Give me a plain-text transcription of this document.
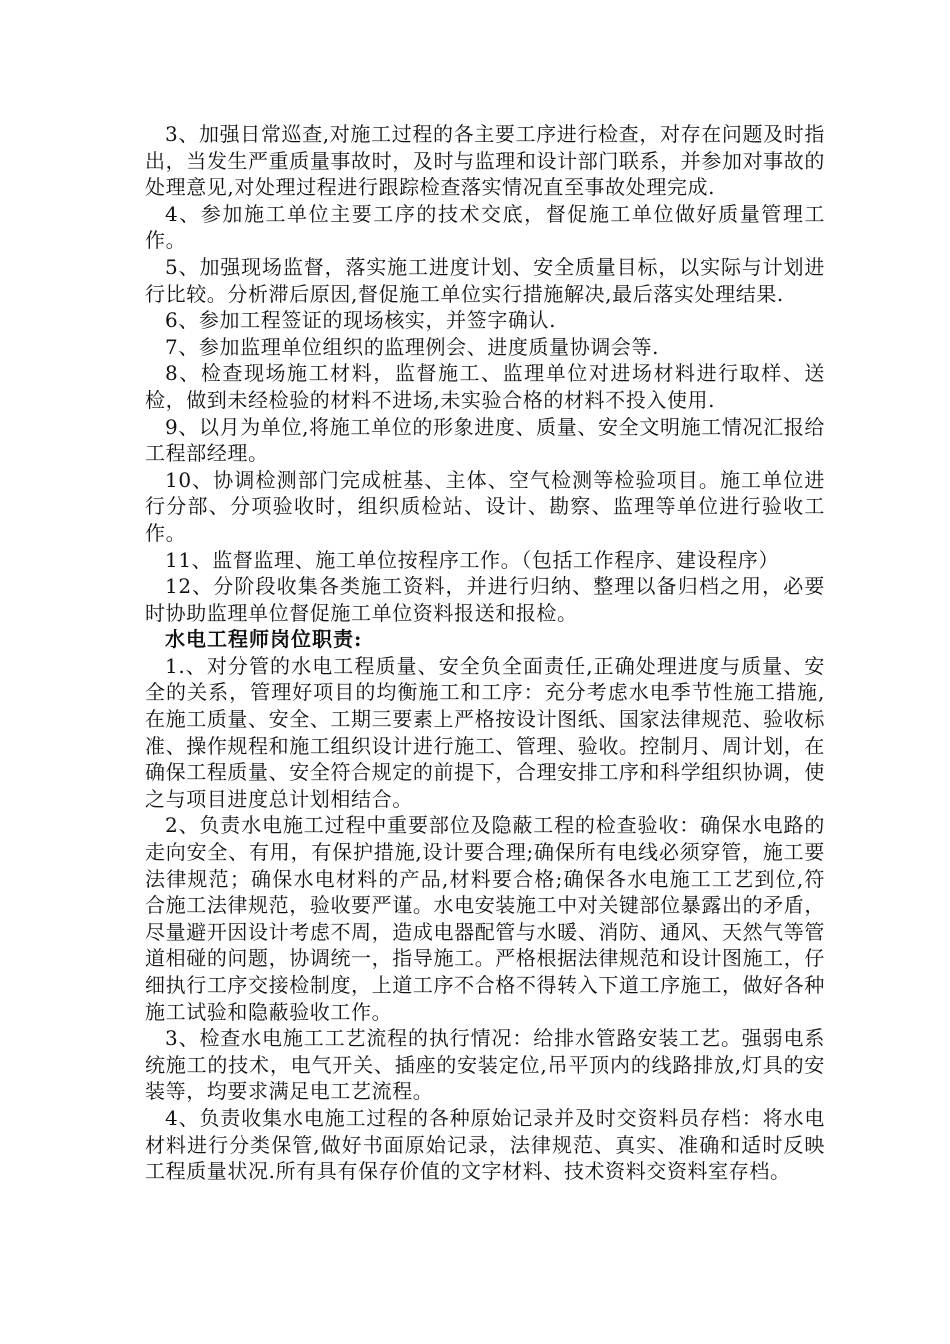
3、加强日常巡查,对施工过程的各主要工序进行检查，对存在问题及时指出，当发生严重质量事故时，及时与监理和设计部门联系，并参加对事故的处理意见,对处理过程进行跟踪检查落实情况直至事故处理完成.

4、参加施工单位主要工序的技术交底，督促施工单位做好质量管理工作。

5、加强现场监督，落实施工进度计划、安全质量目标，以实际与计划进行比较。分析滞后原因,督促施工单位实行措施解决,最后落实处理结果.

6、参加工程签证的现场核实，并签字确认.

7、参加监理单位组织的监理例会、进度质量协调会等.

8、检查现场施工材料，监督施工、监理单位对进场材料进行取样、送检，做到未经检验的材料不进场,未实验合格的材料不投入使用.

9、以月为单位,将施工单位的形象进度、质量、安全文明施工情况汇报给工程部经理。

10、协调检测部门完成桩基、主体、空气检测等检验项目。施工单位进行分部、分项验收时，组织质检站、设计、勘察、监理等单位进行验收工作。

11、监督监理、施工单位按程序工作。（包括工作程序、建设程序）

12、分阶段收集各类施工资料，并进行归纳、整理以备归档之用，必要时协助监理单位督促施工单位资料报送和报检。

水电工程师岗位职责:

1.、对分管的水电工程质量、安全负全面责任,正确处理进度与质量、安全的关系，管理好项目的均衡施工和工序：充分考虑水电季节性施工措施,在施工质量、安全、工期三要素上严格按设计图纸、国家法律规范、验收标准、操作规程和施工组织设计进行施工、管理、验收。控制月、周计划，在确保工程质量、安全符合规定的前提下，合理安排工序和科学组织协调，使之与项目进度总计划相结合。

2、负责水电施工过程中重要部位及隐蔽工程的检查验收：确保水电路的走向安全、有用，有保护措施,设计要合理;确保所有电线必须穿管，施工要法律规范；确保水电材料的产品,材料要合格;确保各水电施工工艺到位,符合施工法律规范，验收要严谨。水电安装施工中对关键部位暴露出的矛盾，尽量避开因设计考虑不周，造成电器配管与水暖、消防、通风、天然气等管道相碰的问题，协调统一，指导施工。严格根据法律规范和设计图施工，仔细执行工序交接检制度，上道工序不合格不得转入下道工序施工，做好各种施工试验和隐蔽验收工作。

3、检查水电施工工艺流程的执行情况：给排水管路安装工艺。强弱电系统施工的技术，电气开关、插座的安装定位,吊平顶内的线路排放,灯具的安装等，均要求满足电工艺流程。

4、负责收集水电施工过程的各种原始记录并及时交资料员存档：将水电材料进行分类保管,做好书面原始记录，法律规范、真实、准确和适时反映工程质量状况.所有具有保存价值的文字材料、技术资料交资料室存档。
